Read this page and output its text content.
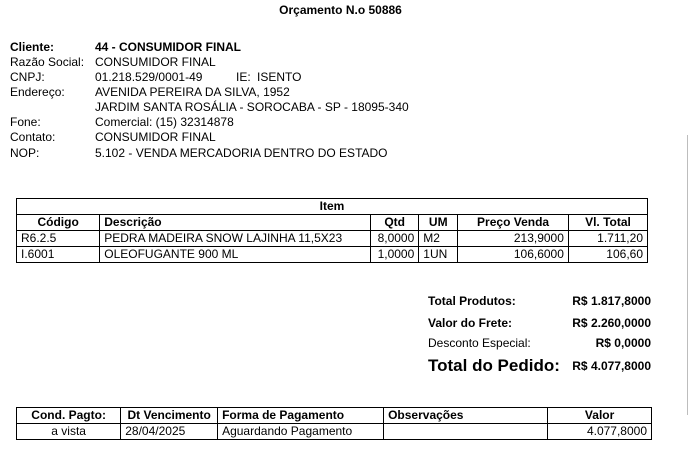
Orçamento N.o 50886
Cliente:	44 - CONSUMIDOR FINAL
Razão Social: CONSUMIDOR FINAL
CNPJ:	01.218.529/0001-49	IE: ISENTO
Endereço:	AVENIDA PEREIRA DA SILVA, 1952
JARDIM SANTA ROSÁLIA - SOROCABA - SP - 18095-340
Fone:	Comercial: (15) 32314878
Contato:	CONSUMIDOR FINAL
NOP:	5.102 - VENDA MERCADORIA DENTRO DO ESTADO
Item					
Código	Descrição	Qtd	UM	Preço Venda	Vl. Total
R6.2.5	PEDRA MADEIRA SNOW LAJINHA 11,5X23	8,0000	M2	213,9000	1.711,20
I.6001	OLEOFUGANTE 900 ML	1,0000	1UN	106,6000	106,60
Total Produtos:	R$ 1.817,8000
Valor do Frete:	R$ 2.260,0000
Desconto Especial:	R$ 0,0000
Total do Pedido: R$ 4.077,8000
Cond. Pagto:	Dt Vencimento	Forma de Pagamento	Observações	Valor
a vista	28/04/2025	Aguardando Pagamento		4.077,8000
